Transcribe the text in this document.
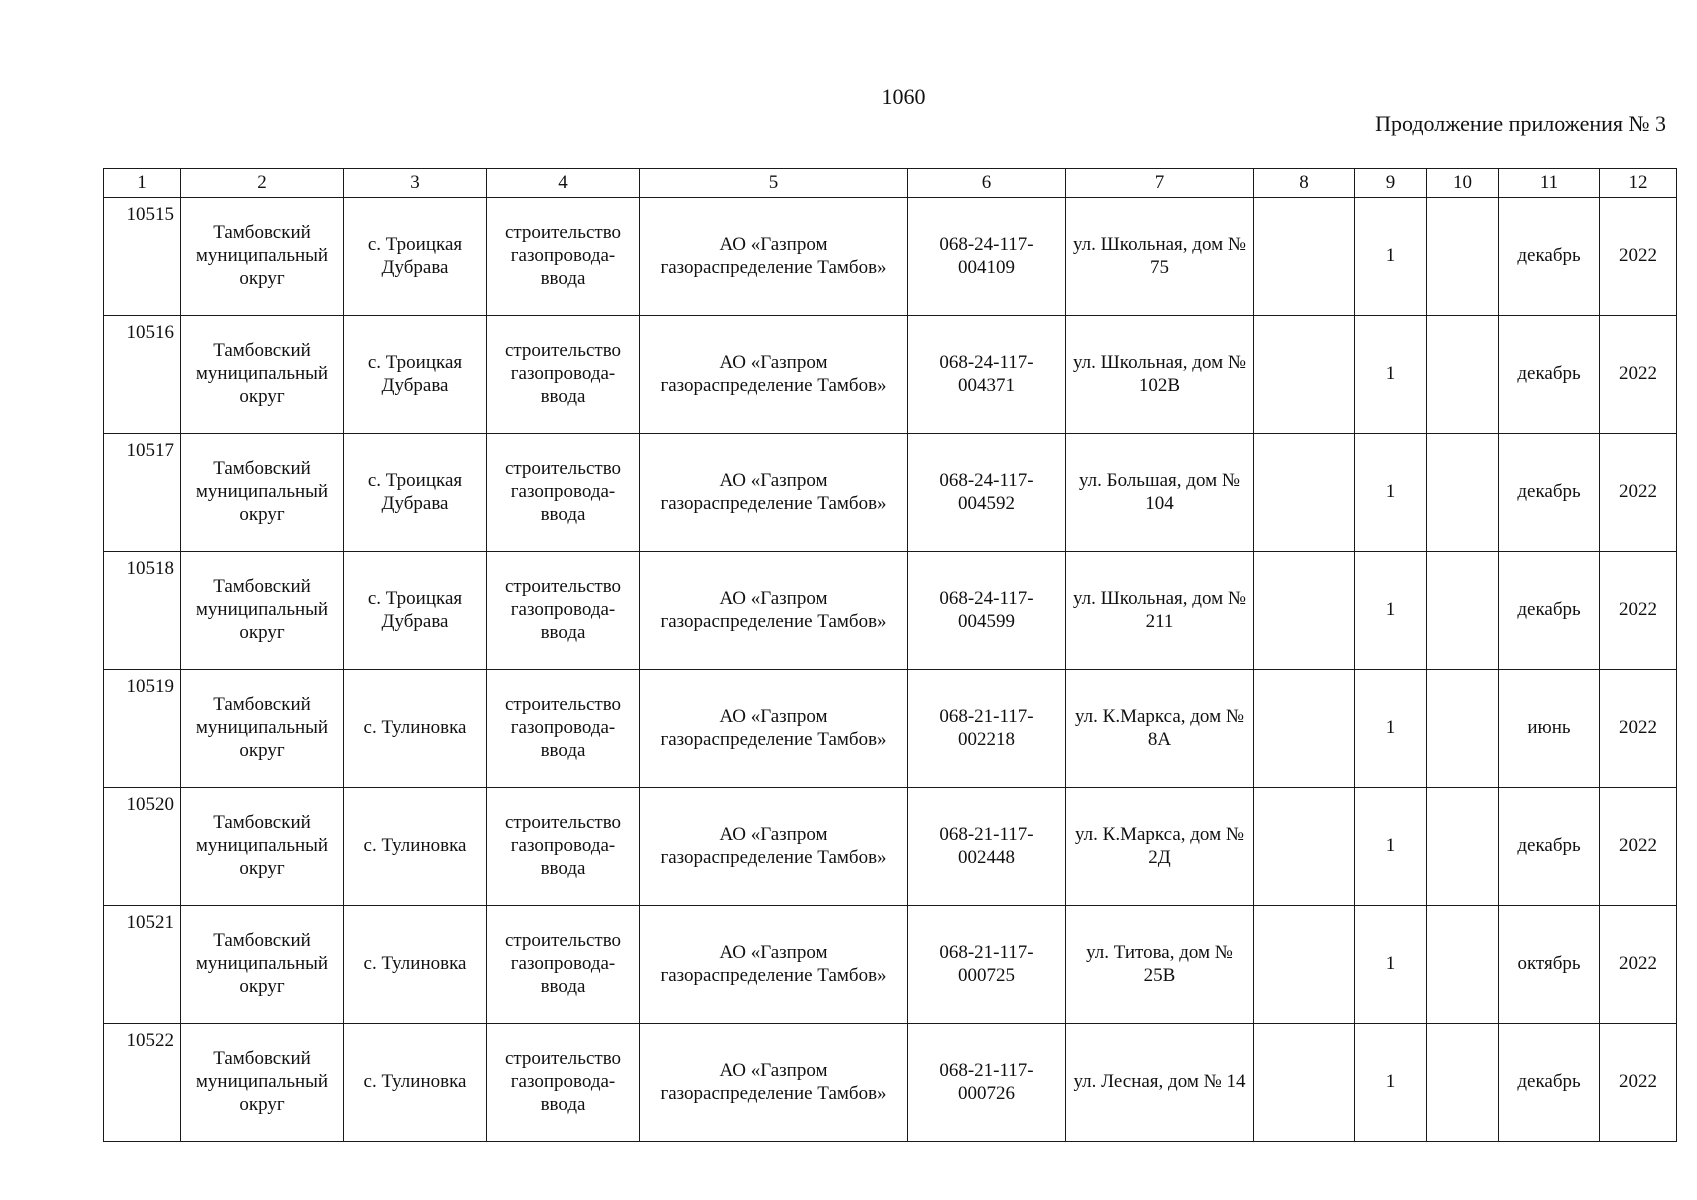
1060
Продолжение приложения № 3
1	2	3	4	5	6	7	8	9	10	11	12
10515	Тамбовский муниципальный округ	с. Троицкая Дубрава	строительство газопровода-ввода	АО «Газпром газораспределение Тамбов»	068-24-117-004109	ул. Школьная, дом № 75		1		декабрь	2022
10516	Тамбовский муниципальный округ	с. Троицкая Дубрава	строительство газопровода-ввода	АО «Газпром газораспределение Тамбов»	068-24-117-004371	ул. Школьная, дом № 102В		1		декабрь	2022
10517	Тамбовский муниципальный округ	с. Троицкая Дубрава	строительство газопровода-ввода	АО «Газпром газораспределение Тамбов»	068-24-117-004592	ул. Большая, дом № 104		1		декабрь	2022
10518	Тамбовский муниципальный округ	с. Троицкая Дубрава	строительство газопровода-ввода	АО «Газпром газораспределение Тамбов»	068-24-117-004599	ул. Школьная, дом № 211		1		декабрь	2022
10519	Тамбовский муниципальный округ	с. Тулиновка	строительство газопровода-ввода	АО «Газпром газораспределение Тамбов»	068-21-117-002218	ул. К.Маркса, дом № 8А		1		июнь	2022
10520	Тамбовский муниципальный округ	с. Тулиновка	строительство газопровода-ввода	АО «Газпром газораспределение Тамбов»	068-21-117-002448	ул. К.Маркса, дом № 2Д		1		декабрь	2022
10521	Тамбовский муниципальный округ	с. Тулиновка	строительство газопровода-ввода	АО «Газпром газораспределение Тамбов»	068-21-117-000725	ул. Титова, дом № 25В		1		октябрь	2022
10522	Тамбовский муниципальный округ	с. Тулиновка	строительство газопровода-ввода	АО «Газпром газораспределение Тамбов»	068-21-117-000726	ул. Лесная, дом № 14		1		декабрь	2022
